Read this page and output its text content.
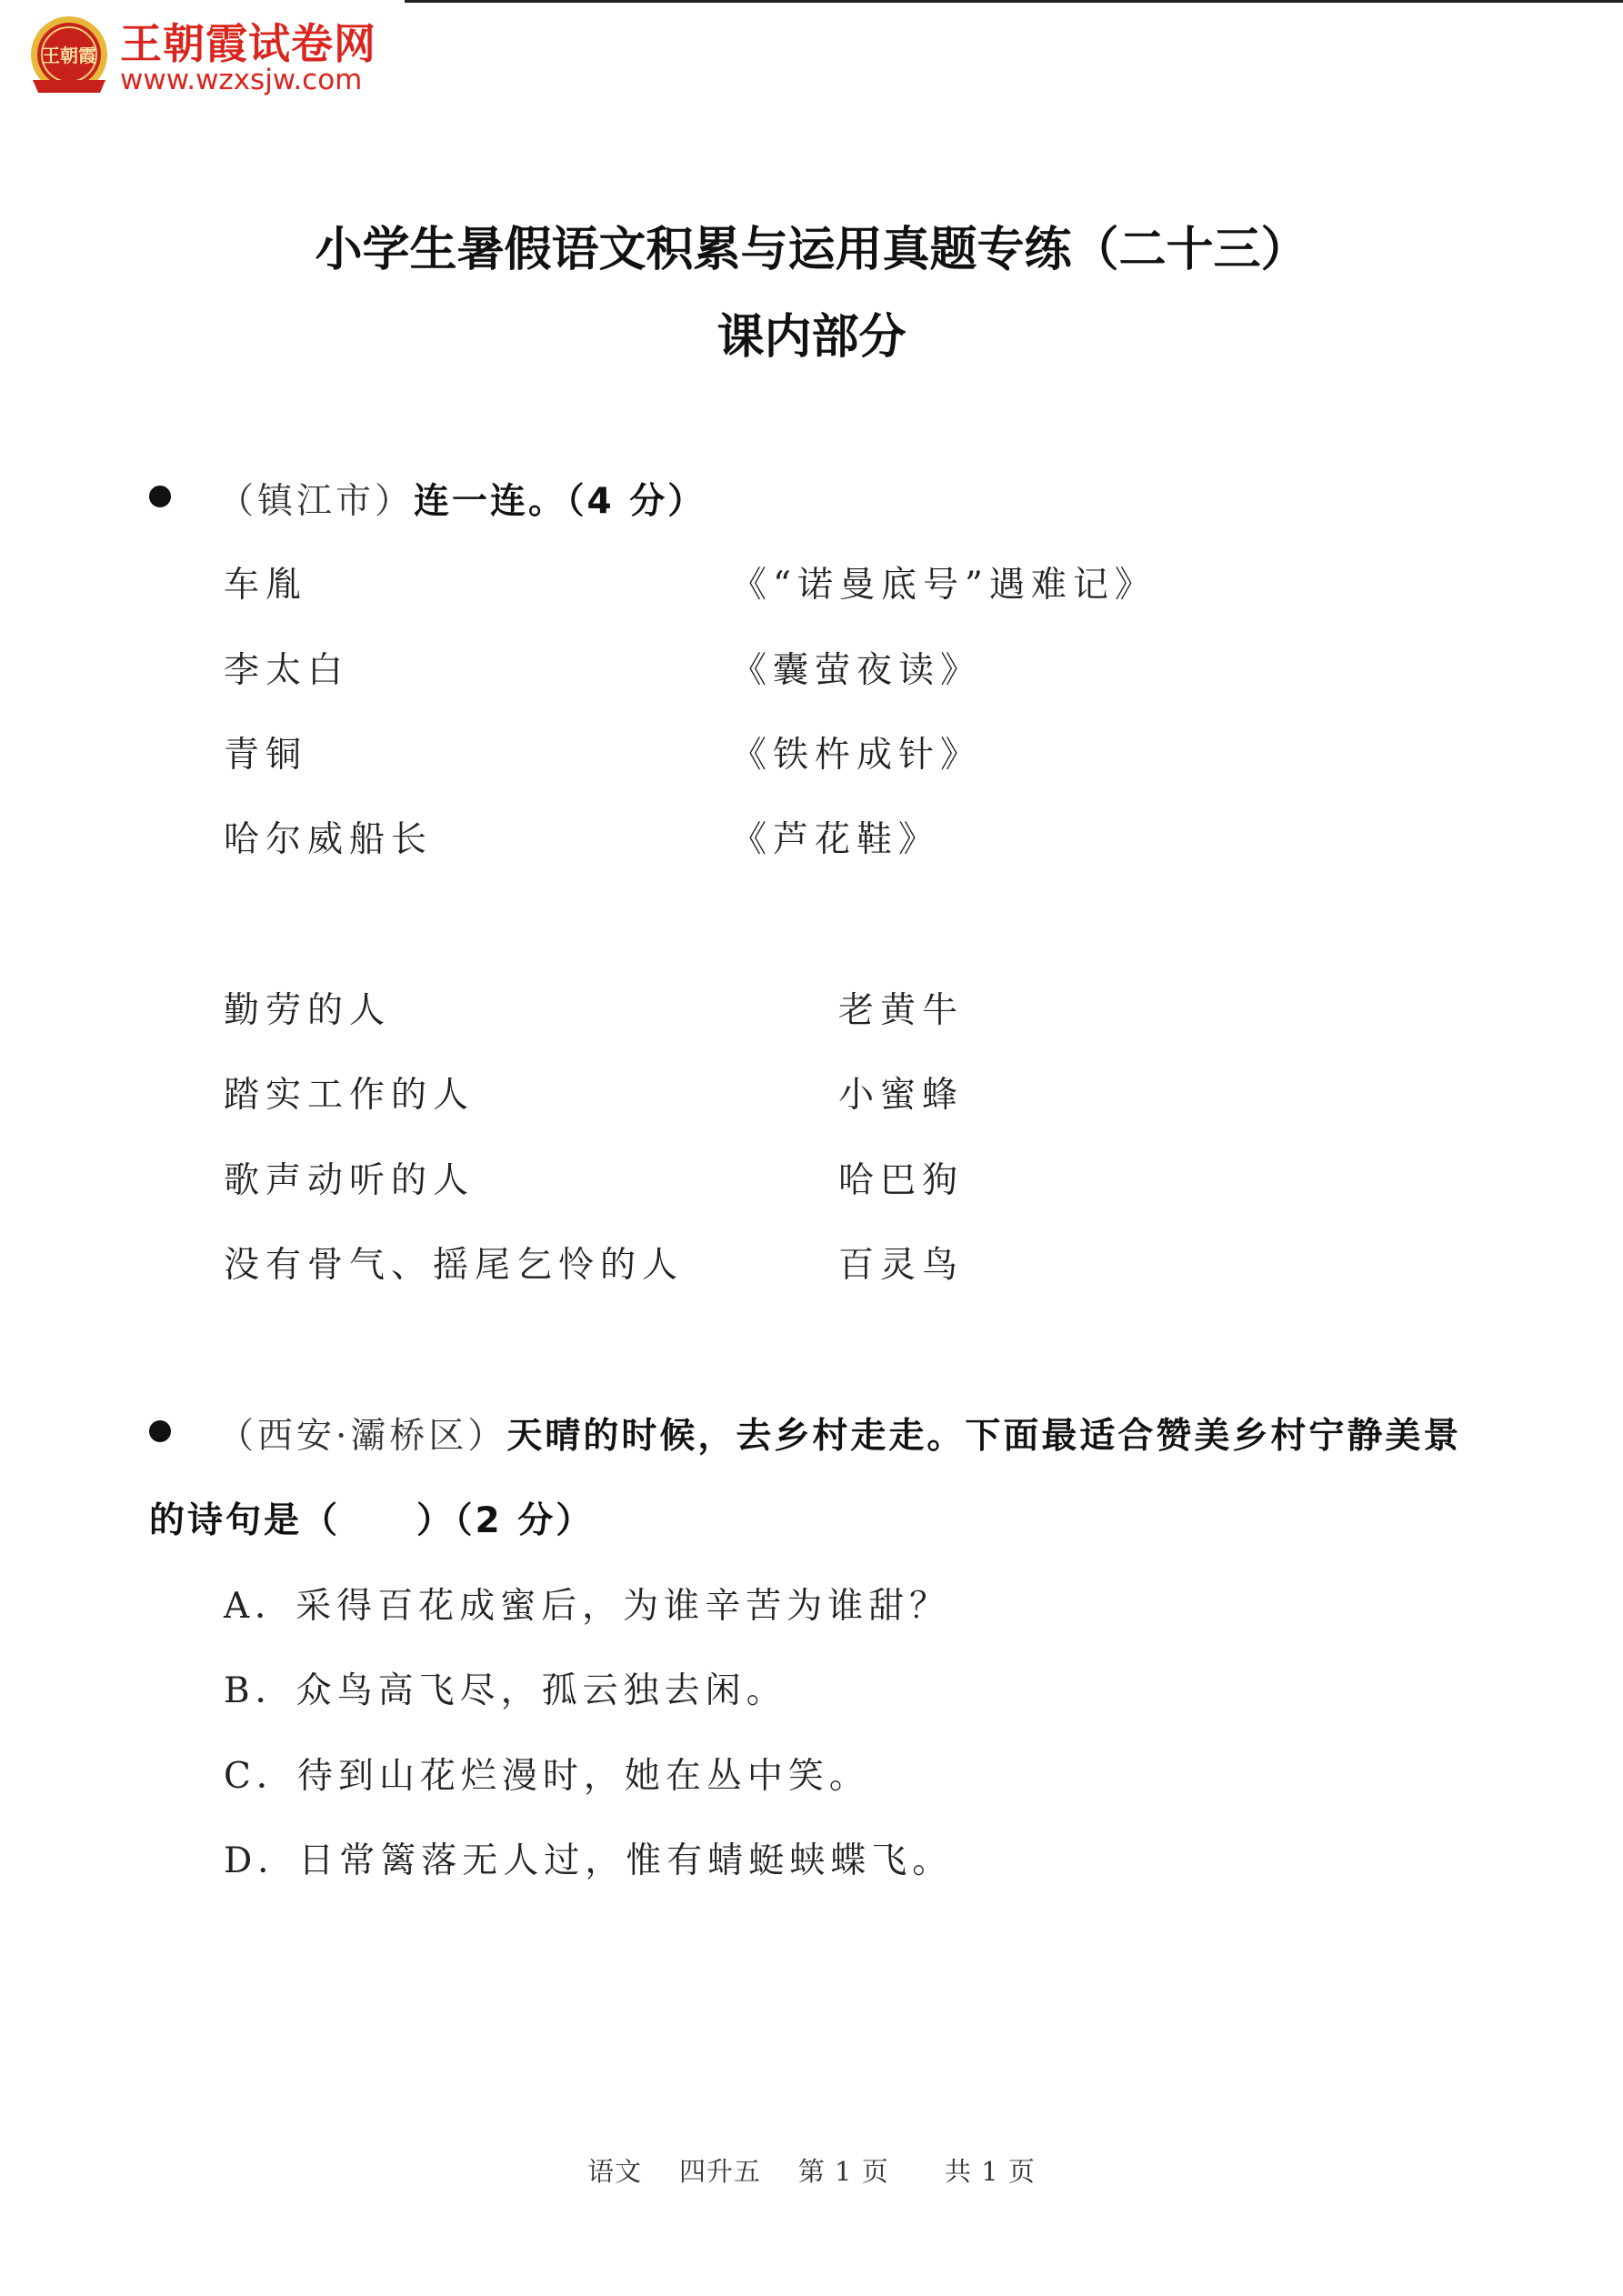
王朝霞 王朝霞试卷网
www.wzxsjw.com
小学生暑假语文积累与运用真题专练（二十三）
课内部分
（镇江市）连一连。（4 分）
车胤
李太白
青铜
哈尔威船长
《“诺曼底号”遇难记》
《囊萤夜读》
《铁杵成针》
《芦花鞋》
勤劳的人
踏实工作的人
歌声动听的人
没有骨气、摇尾乞怜的人
老黄牛
小蜜蜂
哈巴狗
百灵鸟
（西安·灞桥区）天晴的时候，去乡村走走。下面最适合赞美乡村宁静美景
的诗句是（　　）（2 分）
A．采得百花成蜜后，为谁辛苦为谁甜？
B．众鸟高飞尽，孤云独去闲。
C．待到山花烂漫时，她在丛中笑。
D．日常篱落无人过，惟有蜻蜓蛱蝶飞。
语文 四升五 第 1 页 共 1 页
